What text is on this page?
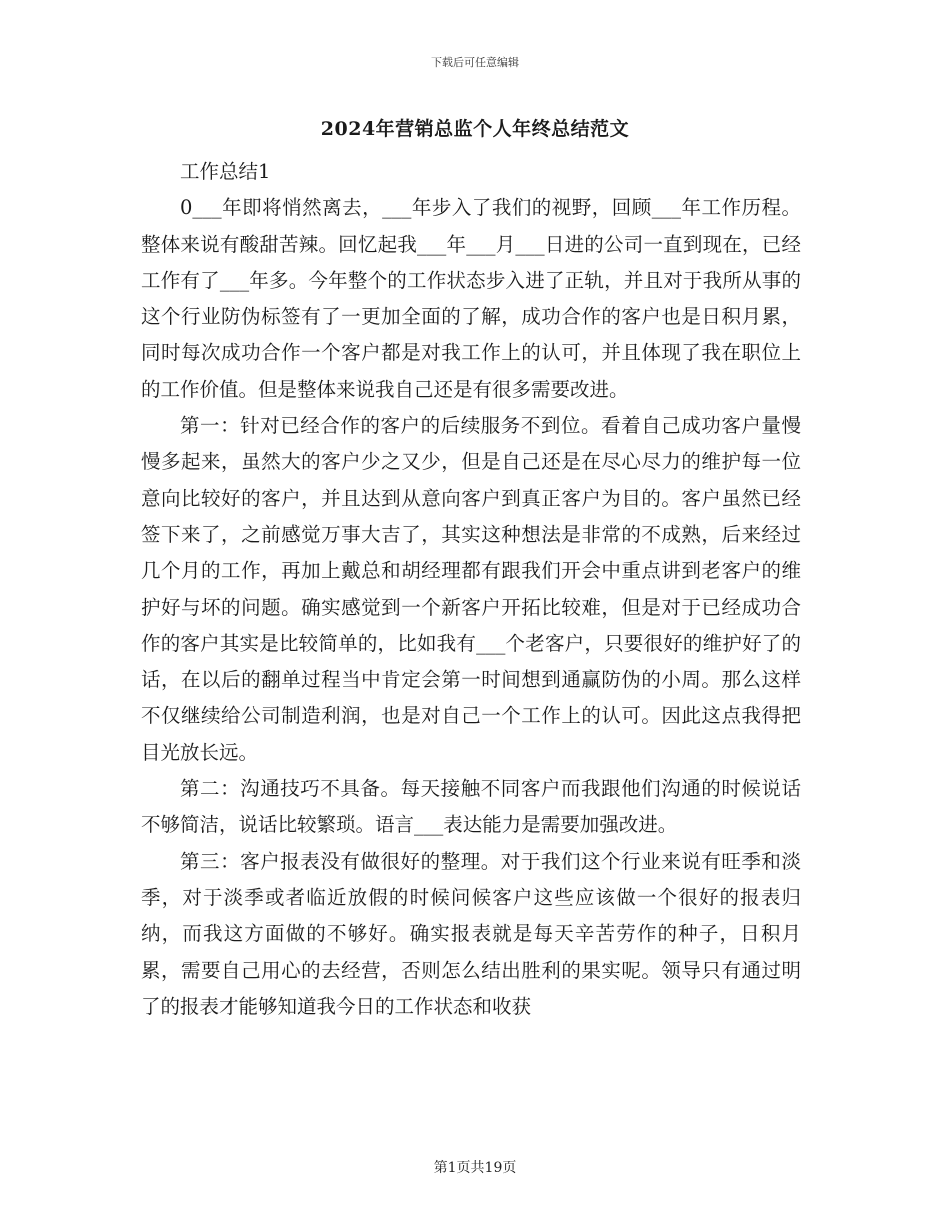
下载后可任意编辑
2024年营销总监个人年终总结范文

工作总结1

0___年即将悄然离去，___年步入了我们的视野，回顾___年工作历程。整体来说有酸甜苦辣。回忆起我___年___月___日进的公司一直到现在，已经工作有了___年多。今年整个的工作状态步入进了正轨，并且对于我所从事的这个行业防伪标签有了一更加全面的了解，成功合作的客户也是日积月累，同时每次成功合作一个客户都是对我工作上的认可，并且体现了我在职位上的工作价值。但是整体来说我自己还是有很多需要改进。

第一：针对已经合作的客户的后续服务不到位。看着自己成功客户量慢慢多起来，虽然大的客户少之又少，但是自己还是在尽心尽力的维护每一位意向比较好的客户，并且达到从意向客户到真正客户为目的。客户虽然已经签下来了，之前感觉万事大吉了，其实这种想法是非常的不成熟，后来经过几个月的工作，再加上戴总和胡经理都有跟我们开会中重点讲到老客户的维护好与坏的问题。确实感觉到一个新客户开拓比较难，但是对于已经成功合作的客户其实是比较简单的，比如我有___个老客户，只要很好的维护好了的话，在以后的翻单过程当中肯定会第一时间想到通赢防伪的小周。那么这样不仅继续给公司制造利润，也是对自己一个工作上的认可。因此这点我得把目光放长远。

第二：沟通技巧不具备。每天接触不同客户而我跟他们沟通的时候说话不够简洁，说话比较繁琐。语言___表达能力是需要加强改进。

第三：客户报表没有做很好的整理。对于我们这个行业来说有旺季和淡季，对于淡季或者临近放假的时候问候客户这些应该做一个很好的报表归纳，而我这方面做的不够好。确实报表就是每天辛苦劳作的种子，日积月累，需要自己用心的去经营，否则怎么结出胜利的果实呢。领导只有通过明了的报表才能够知道我今日的工作状态和收获

第1页共19页
